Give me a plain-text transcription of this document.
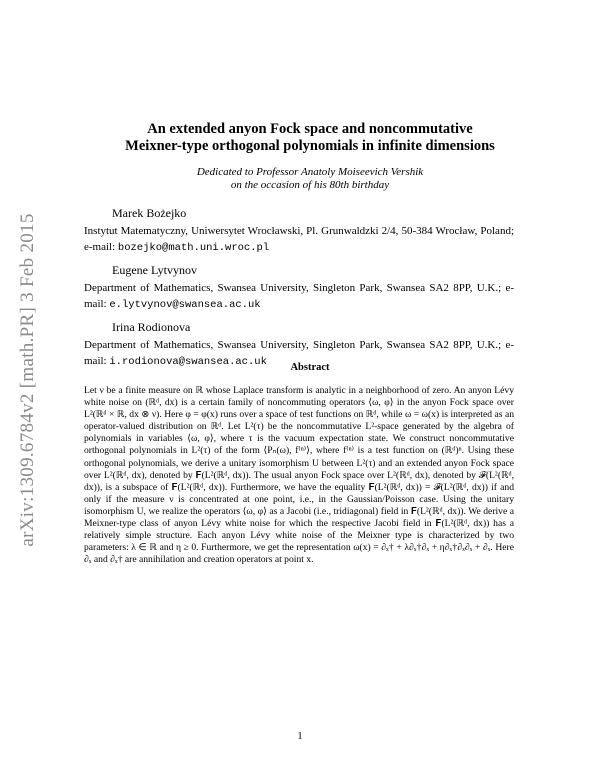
arXiv:1309.6784v2 [math.PR] 3 Feb 2015
An extended anyon Fock space and noncommutative
Meixner-type orthogonal polynomials in infinite dimensions
Dedicated to Professor Anatoly Moiseevich Vershik
on the occasion of his 80th birthday
Marek Bożejko
Instytut Matematyczny, Uniwersytet Wrocławski, Pl. Grunwaldzki 2/4, 50-384 Wrocław, Poland; e-mail: bozejko@math.uni.wroc.pl
Eugene Lytvynov
Department of Mathematics, Swansea University, Singleton Park, Swansea SA2 8PP, U.K.; e-mail: e.lytvynov@swansea.ac.uk
Irina Rodionova
Department of Mathematics, Swansea University, Singleton Park, Swansea SA2 8PP, U.K.; e-mail: i.rodionova@swansea.ac.uk	Abstract

Let ν be a finite measure on ℝ whose Laplace transform is analytic in a neighborhood of zero. An anyon Lévy white noise on (ℝᵈ, dx) is a certain family of noncommuting operators ⟨ω, φ⟩ in the anyon Fock space over L²(ℝᵈ × ℝ, dx ⊗ ν). Here φ = φ(x) runs over a space of test functions on ℝᵈ, while ω = ω(x) is interpreted as an operator-valued distribution on ℝᵈ. Let L²(τ) be the noncommutative L²-space generated by the algebra of polynomials in variables ⟨ω, φ⟩, where τ is the vacuum expectation state. We construct noncommutative orthogonal polynomials in L²(τ) of the form ⟨Pₙ(ω), f⁽ⁿ⁾⟩, where f⁽ⁿ⁾ is a test function on (ℝᵈ)ⁿ. Using these orthogonal polynomials, we derive a unitary isomorphism U between L²(τ) and an extended anyon Fock space over L²(ℝᵈ, dx), denoted by 𝐅(L²(ℝᵈ, dx)). The usual anyon Fock space over L²(ℝᵈ, dx), denoted by 𝓕(L²(ℝᵈ, dx)), is a subspace of 𝐅(L²(ℝᵈ, dx)). Furthermore, we have the equality 𝐅(L²(ℝᵈ, dx)) = 𝓕(L²(ℝᵈ, dx)) if and only if the measure ν is concentrated at one point, i.e., in the Gaussian/Poisson case. Using the unitary isomorphism U, we realize the operators ⟨ω, φ⟩ as a Jacobi (i.e., tridiagonal) field in 𝐅(L²(ℝᵈ, dx)). We derive a Meixner-type class of anyon Lévy white noise for which the respective Jacobi field in 𝐅(L²(ℝᵈ, dx)) has a relatively simple structure. Each anyon Lévy white noise of the Meixner type is characterized by two parameters: λ ∈ ℝ and η ≥ 0. Furthermore, we get the representation ω(x) = ∂ₓ† + λ∂ₓ†∂ₓ + η∂ₓ†∂ₓ∂ₓ + ∂ₓ. Here ∂ₓ and ∂ₓ† are annihilation and creation operators at point x.

1
